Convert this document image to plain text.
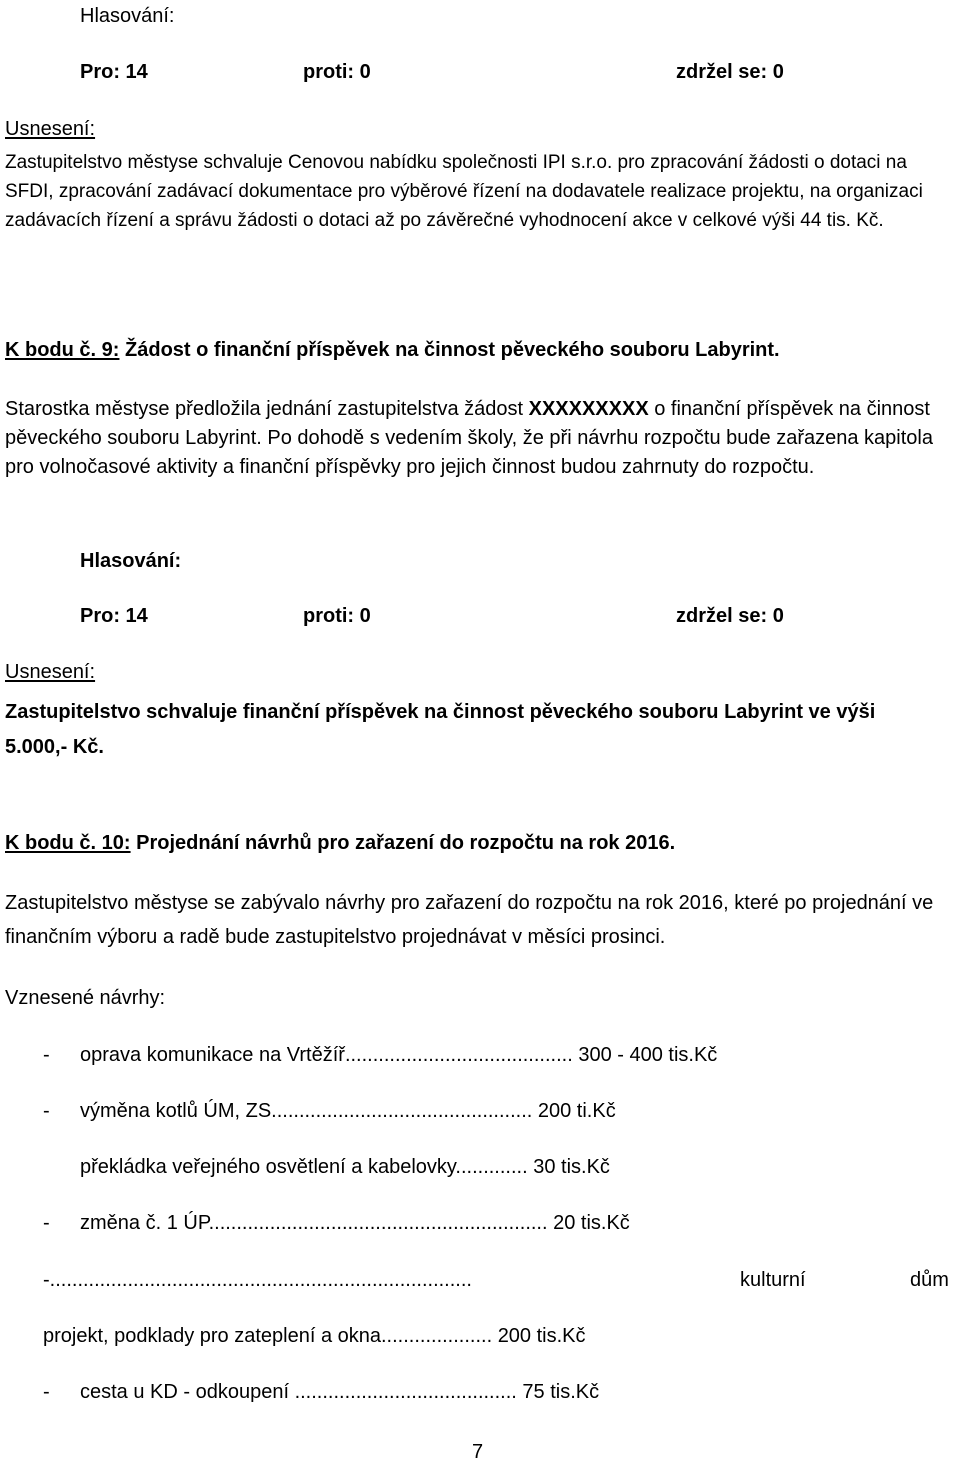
Hlasování:
Pro: 14	proti: 0	zdržel se: 0
Usnesení:
Zastupitelstvo městyse schvaluje Cenovou nabídku společnosti IPI s.r.o. pro zpracování žádosti o dotaci na SFDI, zpracování zadávací dokumentace pro výběrové řízení na dodavatele realizace projektu, na organizaci zadávacích řízení a správu žádosti o dotaci až po závěrečné vyhodnocení akce v celkové výši 44 tis. Kč.
K bodu č. 9: Žádost o finanční příspěvek na činnost pěveckého souboru Labyrint.
Starostka městyse předložila jednání zastupitelstva žádost XXXXXXXXX o finanční příspěvek na činnost pěveckého souboru Labyrint. Po dohodě s vedením školy, že při návrhu rozpočtu bude zařazena kapitola pro volnočasové aktivity a finanční příspěvky pro jejich činnost budou zahrnuty do rozpočtu.
Hlasování:
Pro: 14	proti: 0	zdržel se: 0
Usnesení:
Zastupitelstvo schvaluje finanční příspěvek na činnost pěveckého souboru Labyrint ve výši
5.000,- Kč.
K bodu č. 10: Projednání návrhů pro zařazení do rozpočtu na rok 2016.
Zastupitelstvo městyse se zabývalo návrhy pro zařazení do rozpočtu na rok 2016, které po projednání ve finančním výboru a radě bude zastupitelstvo projednávat v měsíci prosinci.
Vznesené návrhy:
- oprava komunikace na Vrtěžíř......................................... 300 - 400 tis.Kč
- výměna kotlů ÚM, ZS............................................... 200 ti.Kč
překládka veřejného osvětlení a kabelovky............. 30 tis.Kč
- změna č. 1 ÚP............................................................. 20 tis.Kč
-............................................................................	kulturní	dům
projekt, podklady pro zateplení a okna.................... 200 tis.Kč
- cesta u KD - odkoupení ........................................ 75 tis.Kč
7
